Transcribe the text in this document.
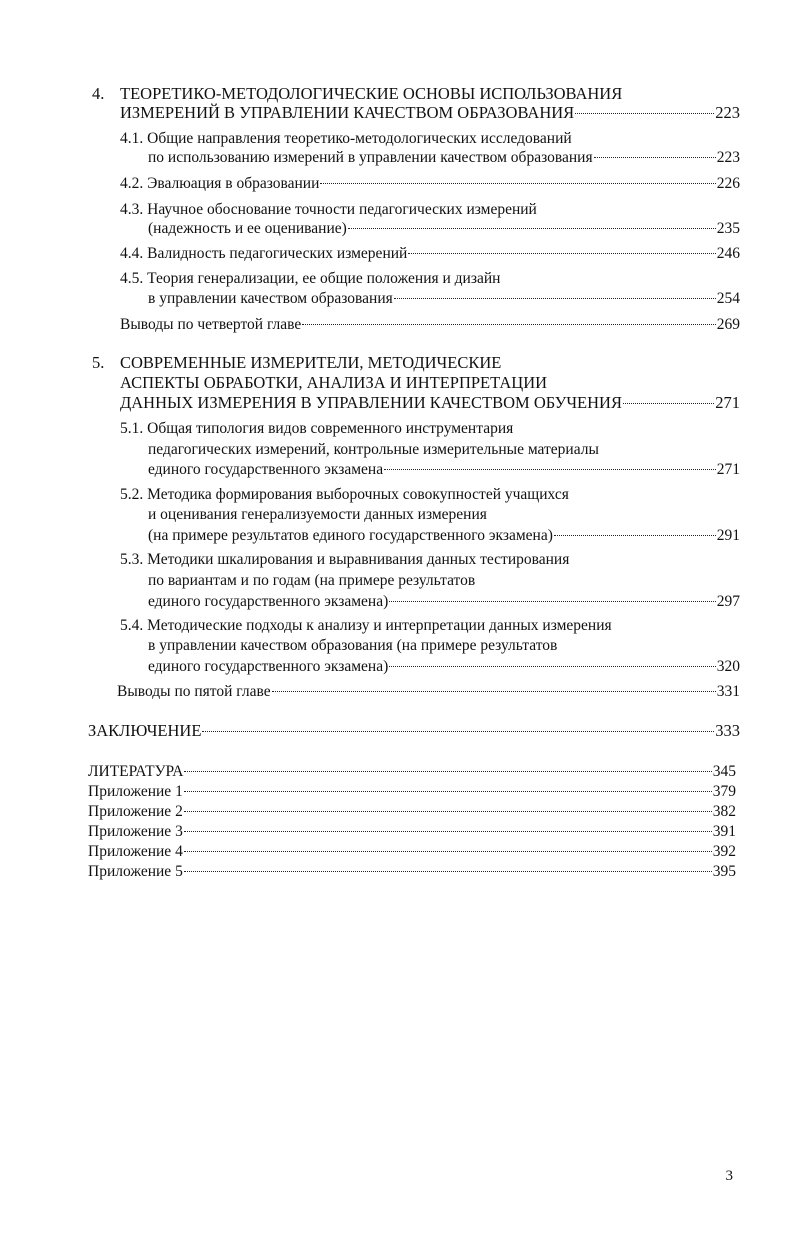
4. ТЕОРЕТИКО-МЕТОДОЛОГИЧЕСКИЕ ОСНОВЫ ИСПОЛЬЗОВАНИЯ
ИЗМЕРЕНИЙ В УПРАВЛЕНИИ КАЧЕСТВОМ ОБРАЗОВАНИЯ	223
4.1. Общие направления теоретико-методологических исследований
по использованию измерений в управлении качеством образования	223
4.2. Эвалюация в образовании	226
4.3. Научное обоснование точности педагогических измерений
(надежность и ее оценивание)	235
4.4. Валидность педагогических измерений	246
4.5. Теория генерализации, ее общие положения и дизайн
в управлении качеством образования	254
Выводы по четвертой главе	269
5. СОВРЕМЕННЫЕ ИЗМЕРИТЕЛИ, МЕТОДИЧЕСКИЕ
АСПЕКТЫ ОБРАБОТКИ, АНАЛИЗА И ИНТЕРПРЕТАЦИИ
ДАННЫХ ИЗМЕРЕНИЯ В УПРАВЛЕНИИ КАЧЕСТВОМ ОБУЧЕНИЯ	271
5.1. Общая типология видов современного инструментария
педагогических измерений, контрольные измерительные материалы
единого государственного экзамена	271
5.2. Методика формирования выборочных совокупностей учащихся
и оценивания генерализуемости данных измерения
(на примере результатов единого государственного экзамена)	291
5.3. Методики шкалирования и выравнивания данных тестирования
по вариантам и по годам (на примере результатов
единого государственного экзамена)	297
5.4. Методические подходы к анализу и интерпретации данных измерения
в управлении качеством образования (на примере результатов
единого государственного экзамена)	320
Выводы по пятой главе	331
ЗАКЛЮЧЕНИЕ	333
ЛИТЕРАТУРА	345
Приложение 1	379
Приложение 2	382
Приложение 3	391
Приложение 4	392
Приложение 5	395
3
